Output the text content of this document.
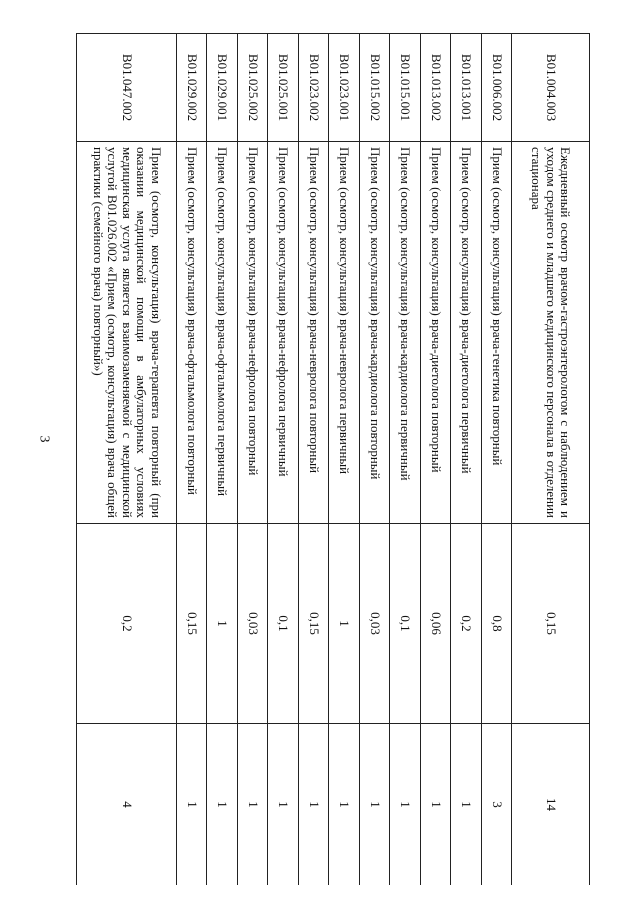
3
B01.004.003	Ежедневный осмотр врачом-гастроэнтерологом с наблюдением и уходом среднего и младшего медицинского персонала в отделении стационара	0,15	14
B01.006.002	Прием (осмотр, консультация) врача-генетика повторный	0,8	3
B01.013.001	Прием (осмотр, консультация) врача-диетолога первичный	0,2	1
B01.013.002	Прием (осмотр, консультация) врача-диетолога повторный	0,06	1
B01.015.001	Прием (осмотр, консультация) врача-кардиолога первичный	0,1	1
B01.015.002	Прием (осмотр, консультация) врача-кардиолога повторный	0,03	1
B01.023.001	Прием (осмотр, консультация) врача-невролога первичный	1	1
B01.023.002	Прием (осмотр, консультация) врача-невролога повторный	0,15	1
B01.025.001	Прием (осмотр, консультация) врача-нефролога первичный	0,1	1
B01.025.002	Прием (осмотр, консультация) врача-нефролога повторный	0,03	1
B01.029.001	Прием (осмотр, консультация) врача-офтальмолога первичный	1	1
B01.029.002	Прием (осмотр, консультация) врача-офтальмолога повторный	0,15	1
B01.047.002	Прием (осмотр, консультация) врача-терапевта повторный (при оказании медицинской помощи в амбулаторных условиях медицинская услуга является взаимозаменяемой с медицинской услугой B01.026.002 «Прием (осмотр, консультация) врача общей практики (семейного врача) повторный»)	0,2	4
